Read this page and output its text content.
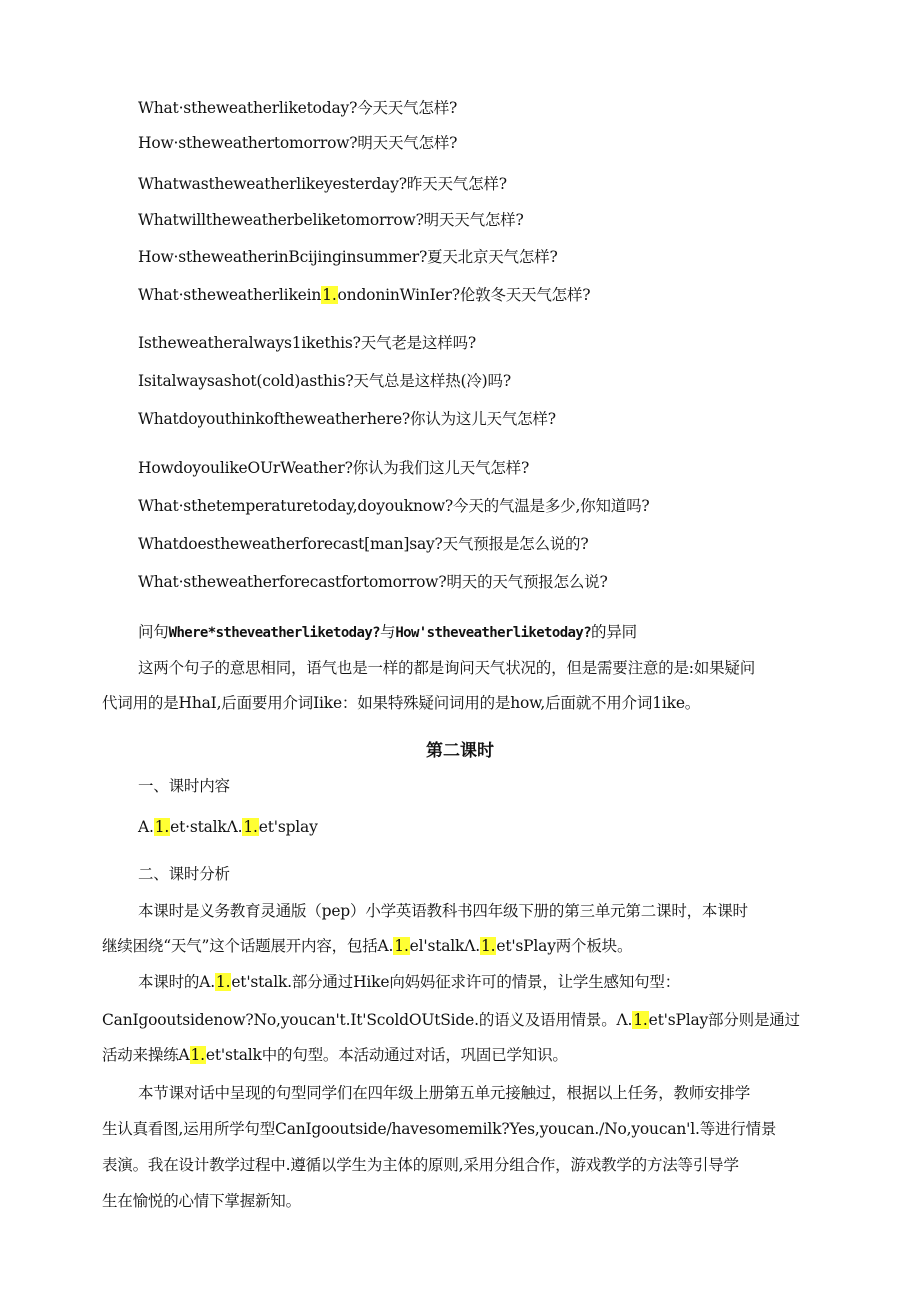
What·stheweatherliketoday?今天天气怎样?
How·stheweathertomorrow?明天天气怎样?
Whatwastheweatherlikeyesterday?昨天天气怎样?
Whatwilltheweatherbeliketomorrow?明天天气怎样?
How·stheweatherinBcijinginsummer?夏天北京天气怎样?
What·stheweatherlikein1.ondoninWinIer?伦敦冬天天气怎样?
Istheweatheralways1ikethis?天气老是这样吗?
Isitalwaysashot(cold)asthis?天气总是这样热(冷)吗?
Whatdoyouthinkoftheweatherhere?你认为这儿天气怎样?
HowdoyoulikeOUrWeather?你认为我们这儿天气怎样?
What·sthetemperaturetoday,doyouknow?今天的气温是多少,你知道吗?
Whatdoestheweatherforecast[man]say?天气预报是怎么说的?
What·stheweatherforecastfortomorrow?明天的天气预报怎么说?
问句Where*stheveatherliketoday?与How'stheveatherliketoday?的异同
这两个句子的意思相同，语气也是一样的都是询问天气状况的，但是需要注意的是:如果疑问
代词用的是HhaI,后面要用介词Iike：如果特殊疑问词用的是how,后面就不用介词1ike。
第二课时
一、课时内容
A.1.et·stalkΛ.1.et'splay
二、课时分析
本课时是义务教育灵通版（pep）小学英语教科书四年级下册的第三单元第二课时，本课时
继续困绕“天气”这个话题展开内容，包括A.1.el'stalkΛ.1.et'sPlay两个板块。
本课时的A.1.et'stalk.部分通过Hike向妈妈征求许可的情景，让学生感知句型：
CanIgooutsidenow?No,youcan't.It'ScoldOUtSide.的语义及语用情景。Λ.1.et'sPlay部分则是通过
活动来操练A1.et'stalk中的句型。本活动通过对话，巩固已学知识。
本节课对话中呈现的句型同学们在四年级上册第五单元接触过，根据以上任务，教师安排学
生认真看图,运用所学句型CanIgooutside/havesomemilk?Yes,youcan./No,youcan'l.等进行情景
表演。我在设计教学过程中.遵循以学生为主体的原则,采用分组合作，游戏教学的方法等引导学
生在愉悦的心情下掌握新知。
